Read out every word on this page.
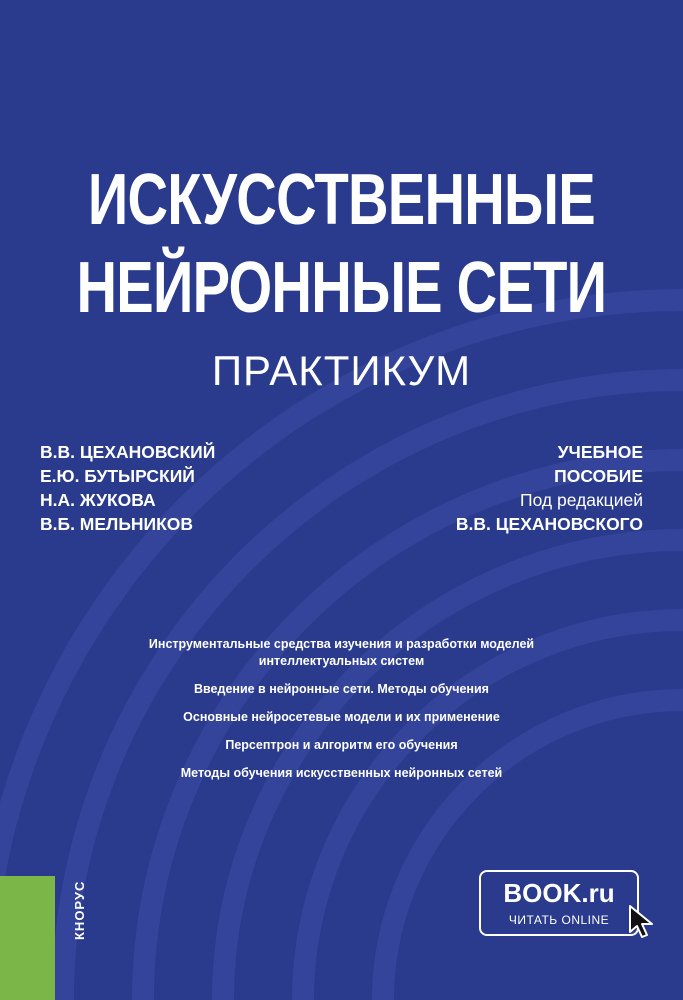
ИСКУССТВЕННЫЕ
НЕЙРОННЫЕ СЕТИ
ПРАКТИКУМ
В.В. ЦЕХАНОВСКИЙ
Е.Ю. БУТЫРСКИЙ
Н.А. ЖУКОВА
В.Б. МЕЛЬНИКОВ
УЧЕБНОЕ
ПОСОБИЕ
Под редакцией
В.В. ЦЕХАНОВСКОГО
Инструментальные средства изучения и разработки моделей интеллектуальных систем
Введение в нейронные сети. Методы обучения
Основные нейросетевые модели и их применение
Персептрон и алгоритм его обучения
Методы обучения искусственных нейронных сетей
КНОРУС	BOOK.ru
ЧИТАТЬ ONLINE
